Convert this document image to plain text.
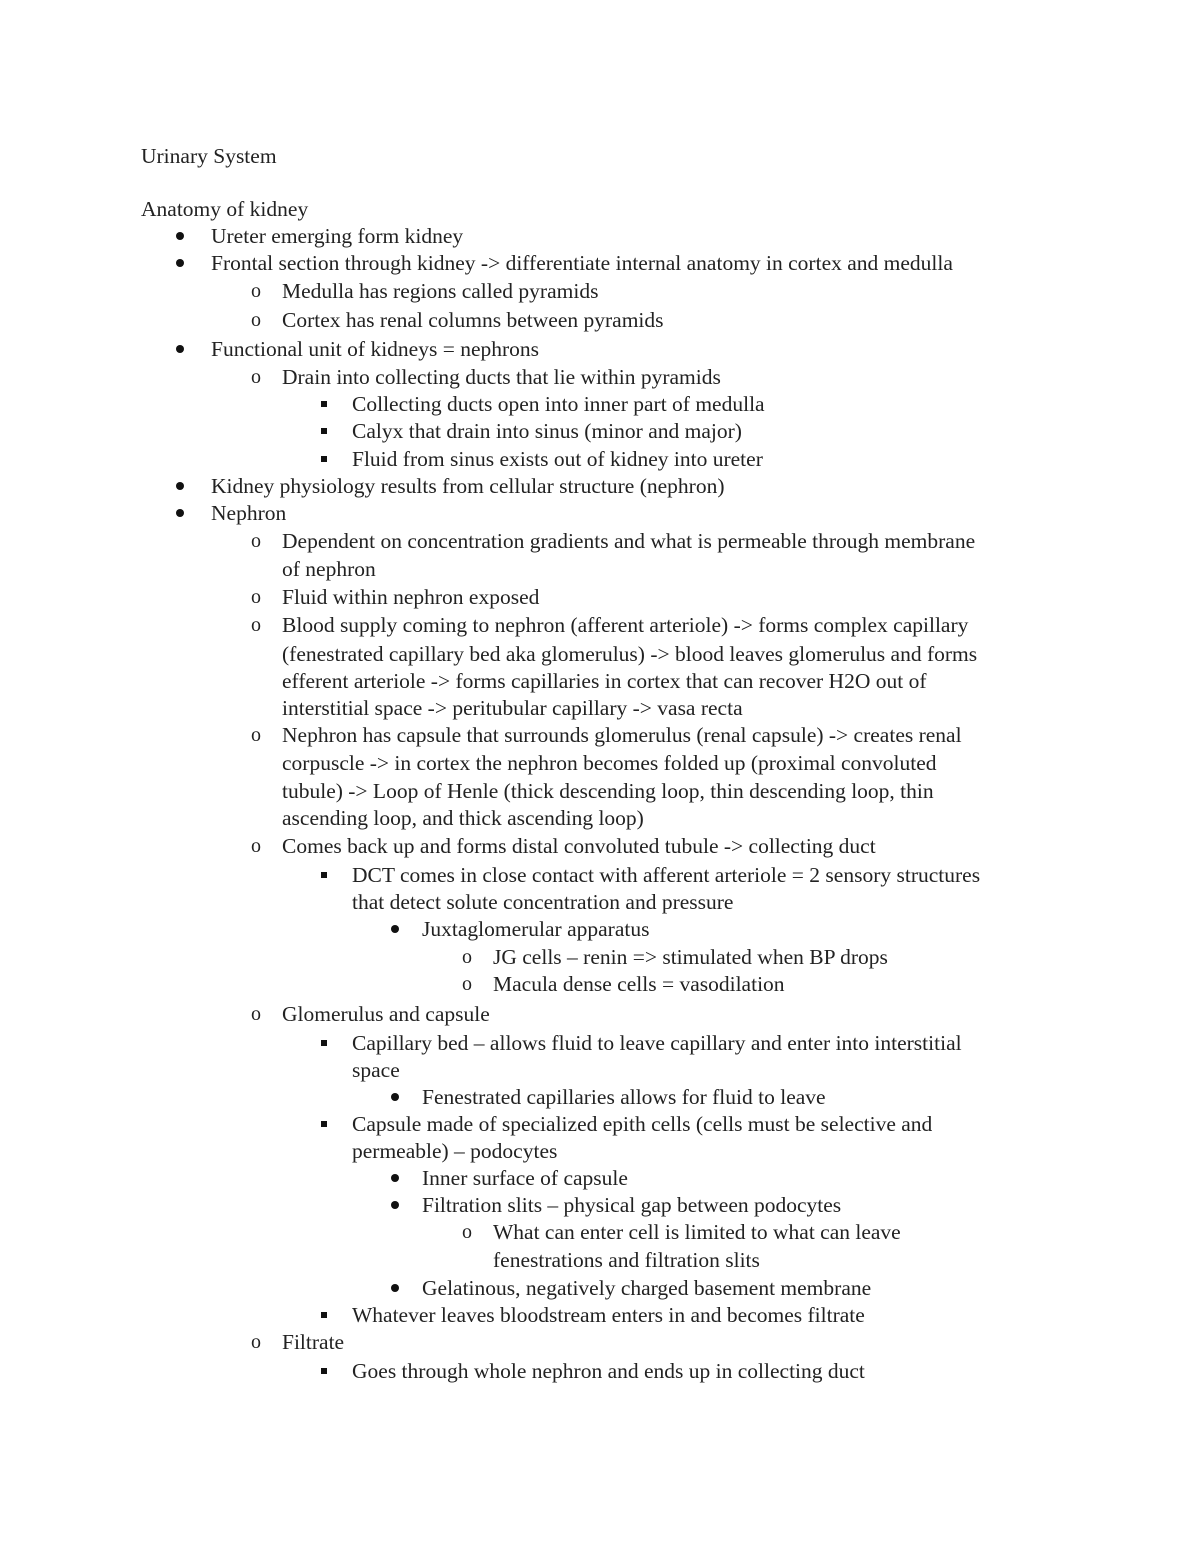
Urinary System
Anatomy of kidney
Ureter emerging form kidney
Frontal section through kidney -> differentiate internal anatomy in cortex and medulla
o Medulla has regions called pyramids
o Cortex has renal columns between pyramids
Functional unit of kidneys = nephrons
o Drain into collecting ducts that lie within pyramids
Collecting ducts open into inner part of medulla
Calyx that drain into sinus (minor and major)
Fluid from sinus exists out of kidney into ureter
Kidney physiology results from cellular structure (nephron)
Nephron
o Dependent on concentration gradients and what is permeable through membrane
of nephron
o Fluid within nephron exposed
o Blood supply coming to nephron (afferent arteriole) -> forms complex capillary
(fenestrated capillary bed aka glomerulus) -> blood leaves glomerulus and forms
efferent arteriole -> forms capillaries in cortex that can recover H2O out of
interstitial space -> peritubular capillary -> vasa recta
o Nephron has capsule that surrounds glomerulus (renal capsule) -> creates renal
corpuscle -> in cortex the nephron becomes folded up (proximal convoluted
tubule) -> Loop of Henle (thick descending loop, thin descending loop, thin
ascending loop, and thick ascending loop)
o Comes back up and forms distal convoluted tubule -> collecting duct
DCT comes in close contact with afferent arteriole = 2 sensory structures
that detect solute concentration and pressure
Juxtaglomerular apparatus
o JG cells – renin => stimulated when BP drops
o Macula dense cells = vasodilation
o Glomerulus and capsule
Capillary bed – allows fluid to leave capillary and enter into interstitial
space
Fenestrated capillaries allows for fluid to leave
Capsule made of specialized epith cells (cells must be selective and
permeable) – podocytes
Inner surface of capsule
Filtration slits – physical gap between podocytes
o What can enter cell is limited to what can leave
fenestrations and filtration slits
Gelatinous, negatively charged basement membrane
Whatever leaves bloodstream enters in and becomes filtrate
o Filtrate
Goes through whole nephron and ends up in collecting duct
